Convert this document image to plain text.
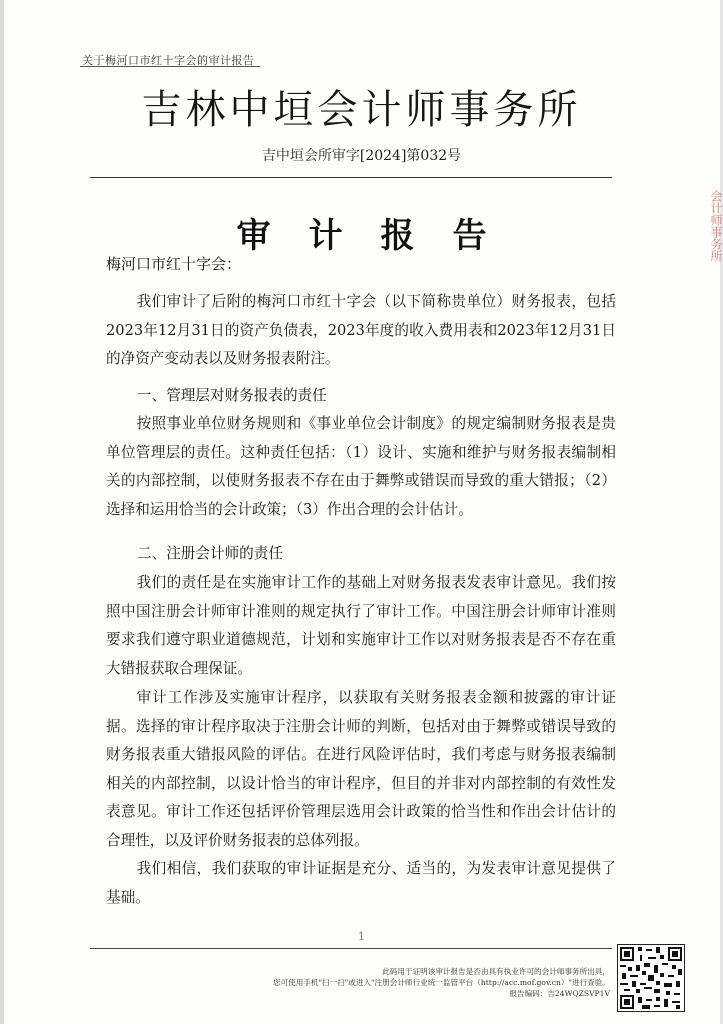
关于梅河口市红十字会的审计报告
吉林中垣会计师事务所
吉中垣会所审字[2024]第032号
审计报告
梅河口市红十字会：

我们审计了后附的梅河口市红十字会（以下简称贵单位）财务报表，包括2023年12月31日的资产负债表，2023年度的收入费用表和2023年12月31日的净资产变动表以及财务报表附注。

一、管理层对财务报表的责任

按照事业单位财务规则和《事业单位会计制度》的规定编制财务报表是贵单位管理层的责任。这种责任包括：（1）设计、实施和维护与财务报表编制相关的内部控制，以使财务报表不存在由于舞弊或错误而导致的重大错报；（2）选择和运用恰当的会计政策；（3）作出合理的会计估计。

二、注册会计师的责任

我们的责任是在实施审计工作的基础上对财务报表发表审计意见。我们按照中国注册会计师审计准则的规定执行了审计工作。中国注册会计师审计准则要求我们遵守职业道德规范，计划和实施审计工作以对财务报表是否不存在重大错报获取合理保证。

审计工作涉及实施审计程序，以获取有关财务报表金额和披露的审计证据。选择的审计程序取决于注册会计师的判断，包括对由于舞弊或错误导致的财务报表重大错报风险的评估。在进行风险评估时，我们考虑与财务报表编制相关的内部控制，以设计恰当的审计程序，但目的并非对内部控制的有效性发表意见。审计工作还包括评价管理层选用会计政策的恰当性和作出会计估计的合理性，以及评价财务报表的总体列报。

我们相信，我们获取的审计证据是充分、适当的，为发表审计意见提供了基础。

1
此码用于证明该审计报告是否由具有执业许可的会计师事务所出具，
您可使用手机"扫一扫"或进入"注册会计师行业统一监管平台（http://acc.mof.gov.cn）"进行查验。
报告编码：吉24WQZSVP1V
会计师事务所
